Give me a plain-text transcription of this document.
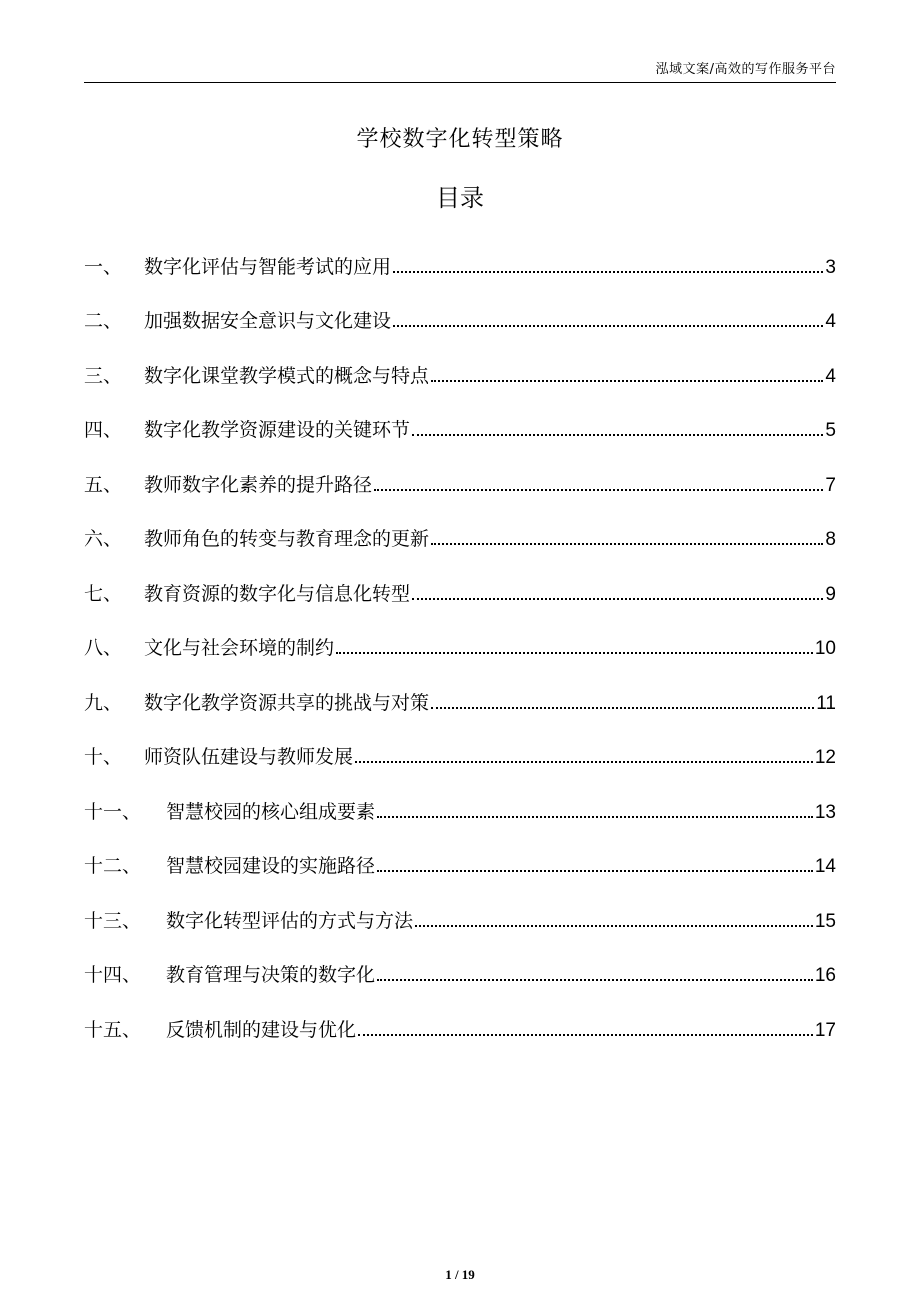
泓域文案/高效的写作服务平台
学校数字化转型策略
目录
一、	数字化评估与智能考试的应用	3
二、	加强数据安全意识与文化建设	4
三、	数字化课堂教学模式的概念与特点	4
四、	数字化教学资源建设的关键环节	5
五、	教师数字化素养的提升路径	7
六、	教师角色的转变与教育理念的更新	8
七、	教育资源的数字化与信息化转型	9
八、	文化与社会环境的制约	10
九、	数字化教学资源共享的挑战与对策	11
十、	师资队伍建设与教师发展	12
十一、	智慧校园的核心组成要素	13
十二、	智慧校园建设的实施路径	14
十三、	数字化转型评估的方式与方法	15
十四、	教育管理与决策的数字化	16
十五、	反馈机制的建设与优化	17
1 / 19
